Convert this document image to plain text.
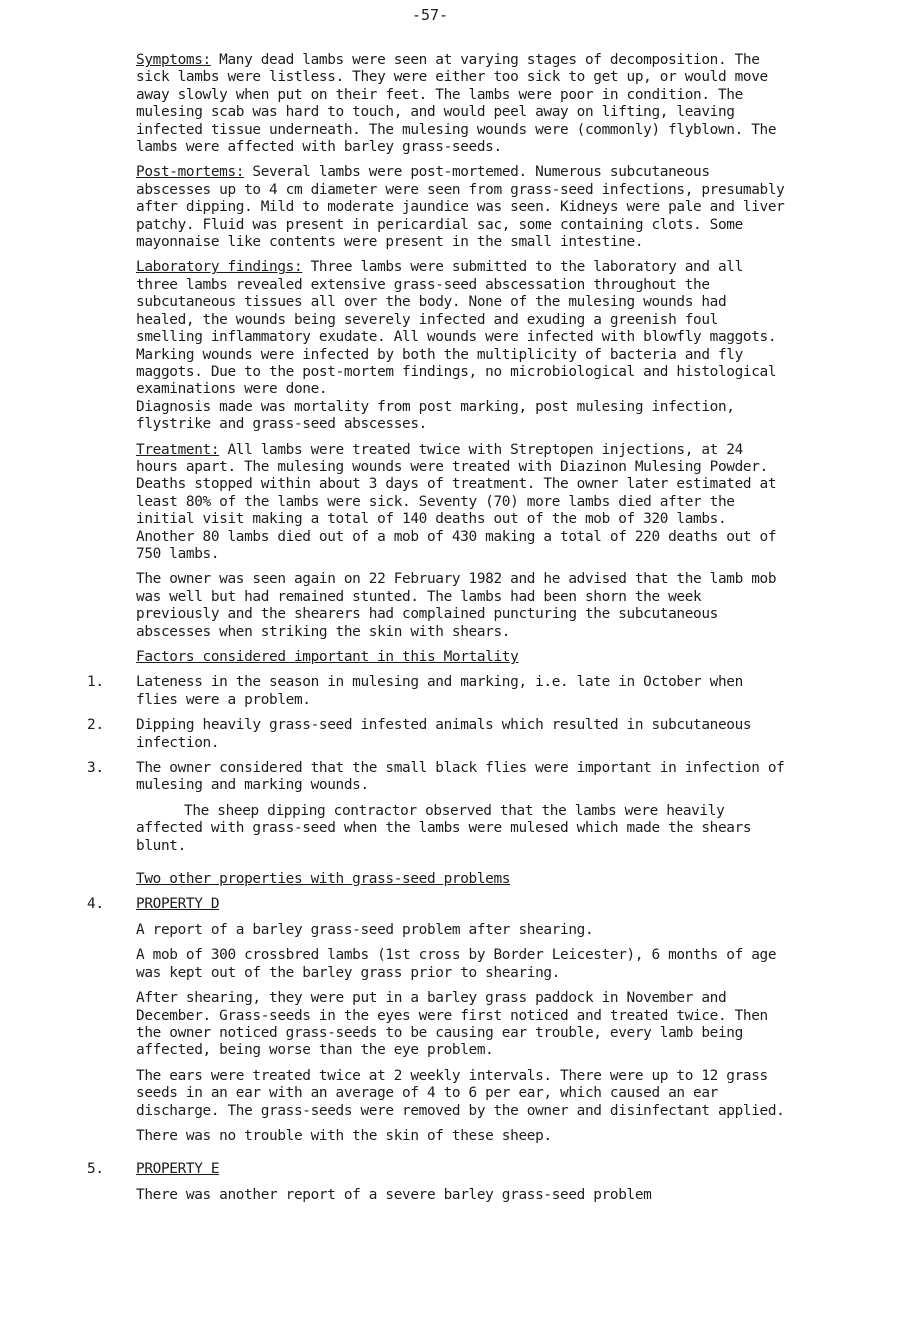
-57-

Symptoms: Many dead lambs were seen at varying stages of decomposition. The sick lambs were listless. They were either too sick to get up, or would move away slowly when put on their feet. The lambs were poor in condition. The mulesing scab was hard to touch, and would peel away on lifting, leaving infected tissue underneath. The mulesing wounds were (commonly) flyblown. The lambs were affected with barley grass-seeds.

Post-mortems: Several lambs were post-mortemed. Numerous subcutaneous abscesses up to 4 cm diameter were seen from grass-seed infections, presumably after dipping. Mild to moderate jaundice was seen. Kidneys were pale and liver patchy. Fluid was present in pericardial sac, some containing clots. Some mayonnaise like contents were present in the small intestine.

Laboratory findings: Three lambs were submitted to the laboratory and all three lambs revealed extensive grass-seed abscessation throughout the subcutaneous tissues all over the body. None of the mulesing wounds had healed, the wounds being severely infected and exuding a greenish foul smelling inflammatory exudate. All wounds were infected with blowfly maggots. Marking wounds were infected by both the multiplicity of bacteria and fly maggots. Due to the post-mortem findings, no microbiological and histological examinations were done.

Diagnosis made was mortality from post marking, post mulesing infection, flystrike and grass-seed abscesses.

Treatment: All lambs were treated twice with Streptopen injections, at 24 hours apart. The mulesing wounds were treated with Diazinon Mulesing Powder. Deaths stopped within about 3 days of treatment. The owner later estimated at least 80% of the lambs were sick. Seventy (70) more lambs died after the initial visit making a total of 140 deaths out of the mob of 320 lambs. Another 80 lambs died out of a mob of 430 making a total of 220 deaths out of 750 lambs.

The owner was seen again on 22 February 1982 and he advised that the lamb mob was well but had remained stunted. The lambs had been shorn the week previously and the shearers had complained puncturing the subcutaneous abscesses when striking the skin with shears.

Factors considered important in this Mortality

1. Lateness in the season in mulesing and marking, i.e. late in October when flies were a problem.
2. Dipping heavily grass-seed infested animals which resulted in subcutaneous infection.
3. The owner considered that the small black flies were important in infection of mulesing and marking wounds.

The sheep dipping contractor observed that the lambs were heavily affected with grass-seed when the lambs were mulesed which made the shears blunt.

Two other properties with grass-seed problems

4. PROPERTY D

A report of a barley grass-seed problem after shearing.

A mob of 300 crossbred lambs (1st cross by Border Leicester), 6 months of age was kept out of the barley grass prior to shearing.

After shearing, they were put in a barley grass paddock in November and December. Grass-seeds in the eyes were first noticed and treated twice. Then the owner noticed grass-seeds to be causing ear trouble, every lamb being affected, being worse than the eye problem.

The ears were treated twice at 2 weekly intervals. There were up to 12 grass seeds in an ear with an average of 4 to 6 per ear, which caused an ear discharge. The grass-seeds were removed by the owner and disinfectant applied.

There was no trouble with the skin of these sheep.

5. PROPERTY E

There was another report of a severe barley grass-seed problem
